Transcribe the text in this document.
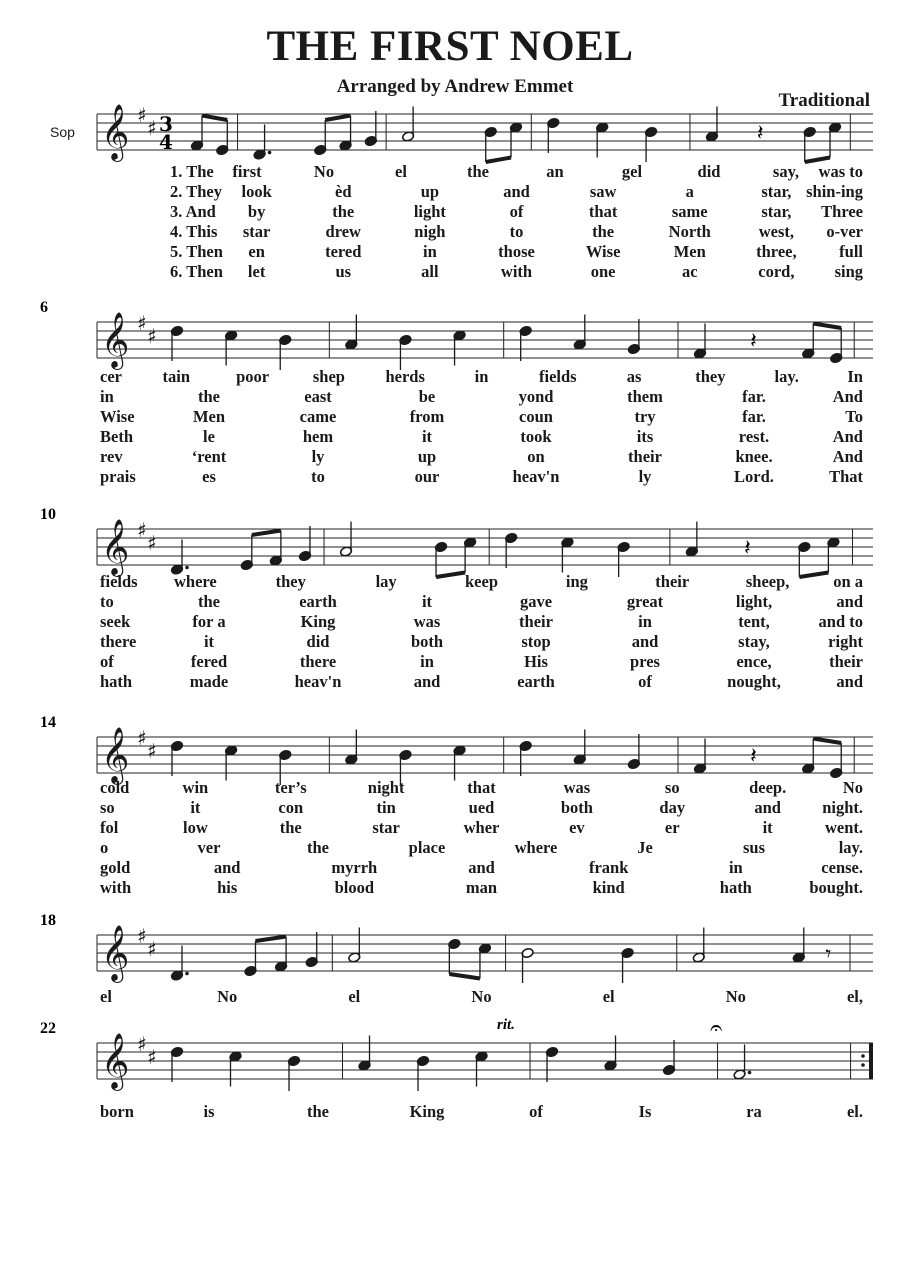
THE FIRST NOEL
Arranged by Andrew Emmet
Traditional
Sop 𝄞 ♯
♯ 3
4	𝄽
1. The first	No	el	the	an	gel	did	say, was to
2. They look	èd	up	and	saw	a	star, shin-ing
3. And by	the	light	of	that	same	star, Three
4. This star	drew	nigh	to	the	North	west, o-ver
5. Then en	tered	in	those	Wise	Men	three,	full
6. Then let	us	all	with	one	ac	cord, sing
𝄞 ♯
♯
6
𝄽
cer tain	poor	shep herds	in	fields	as	they	lay.	In
in	the	east	be	yond	them	far.	And
Wise	Men	came	from	coun	try	far.	To
Beth	le	hem	it	took	its	rest.	And
rev	‘rent	ly	up	on	their	knee.	And
prais	es	to	our	heav'n	ly	Lord.	That
𝄞 ♯
♯
10
𝄽
fields where	they	lay	keep	ing	their	sheep,	on a
to	the	earth	it	gave	great	light,	and
seek	for a	King	was	their	in	tent,	and to
there	it	did	both	stop	and	stay,	right
of	fered	there	in	His	pres	ence,	their
hath	made	heav'n	and	earth	of	nought,	and
𝄞 ♯
♯
14
𝄽
cold	win	ter’s	night	that	was	so	deep.	No
so	it	con	tin	ued	both	day	and	night.
fol	low	the	star	wher	ev	er	it	went.
o	ver	the	place	where	Je	sus	lay.
gold	and	myrrh	and	frank	in	cense.
with	his	blood	man	kind	hath	bought.
𝄞 ♯
♯
18
𝄾
el	No	el	No	el	No	el,
𝄞 ♯
♯
22	rit.	𝄐
born	is	the	King	of	Is	ra	el.
